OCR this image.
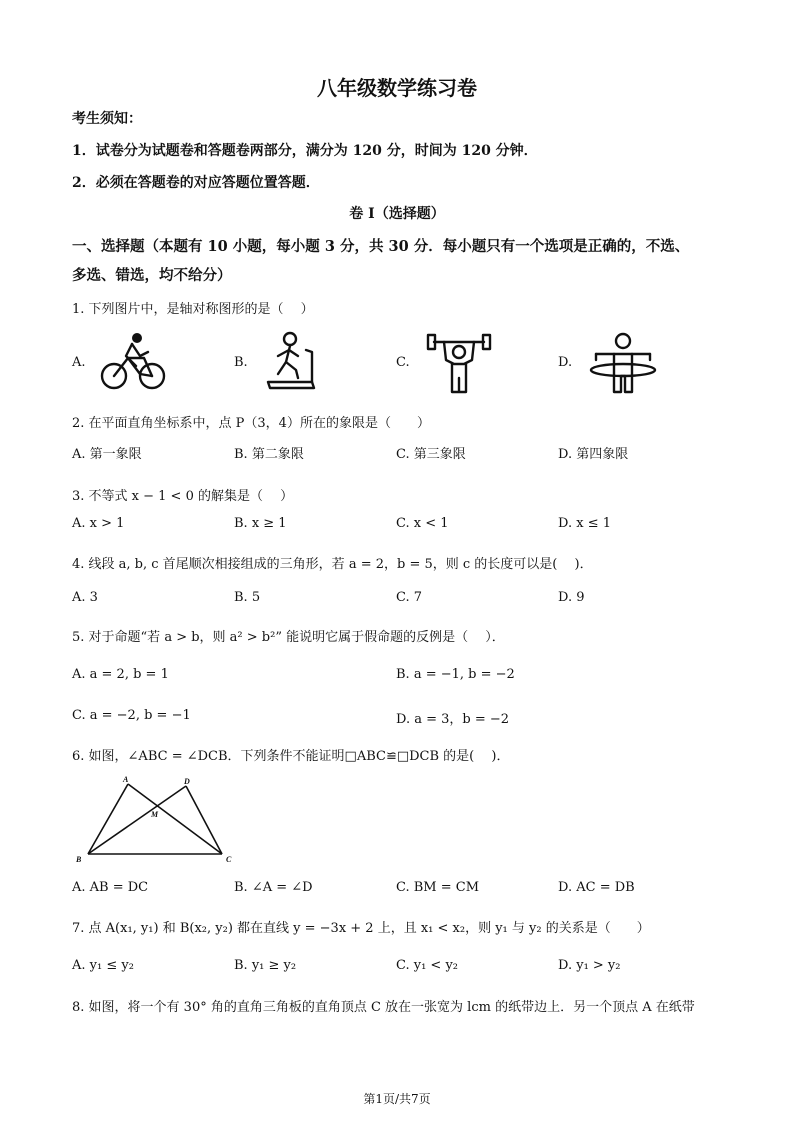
八年级数学练习卷
考生须知：
1．试卷分为试题卷和答题卷两部分，满分为 120 分，时间为 120 分钟．
2．必须在答题卷的对应答题位置答题．
卷 Ⅰ（选择题）
一、选择题（本题有 10 小题，每小题 3 分，共 30 分．每小题只有一个选项是正确的，不选、
多选、错选，均不给分）
1. 下列图片中，是轴对称图形的是（　 ）
A.	B.	C.	D.
2. 在平面直角坐标系中，点 P（3，4）所在的象限是（　　）
A. 第一象限	B. 第二象限	C. 第三象限	D. 第四象限
3. 不等式 x − 1 < 0 的解集是（　 ）
A. x > 1	B. x ≥ 1	C. x < 1	D. x ≤ 1
4. 线段 a, b, c 首尾顺次相接组成的三角形，若 a = 2，b = 5，则 c 的长度可以是(　 )．
A. 3	B. 5	C. 7	D. 9
5. 对于命题“若 a > b，则 a² > b²” 能说明它属于假命题的反例是（　 ）．
A. a = 2, b = 1	B. a = −1, b = −2
C. a = −2, b = −1	D. a = 3，b = −2
6. 如图，∠ABC = ∠DCB．下列条件不能证明□ABC≌□DCB 的是(　 )．
A	D
M
B	C
A. AB = DC	B. ∠A = ∠D	C. BM = CM	D. AC = DB
7. 点 A(x₁, y₁) 和 B(x₂, y₂) 都在直线 y = −3x + 2 上，且 x₁ < x₂，则 y₁ 与 y₂ 的关系是（　　）
A. y₁ ≤ y₂	B. y₁ ≥ y₂	C. y₁ < y₂	D. y₁ > y₂
8. 如图，将一个有 30° 角的直角三角板的直角顶点 C 放在一张宽为 lcm 的纸带边上．另一个顶点 A 在纸带
第1页/共7页
